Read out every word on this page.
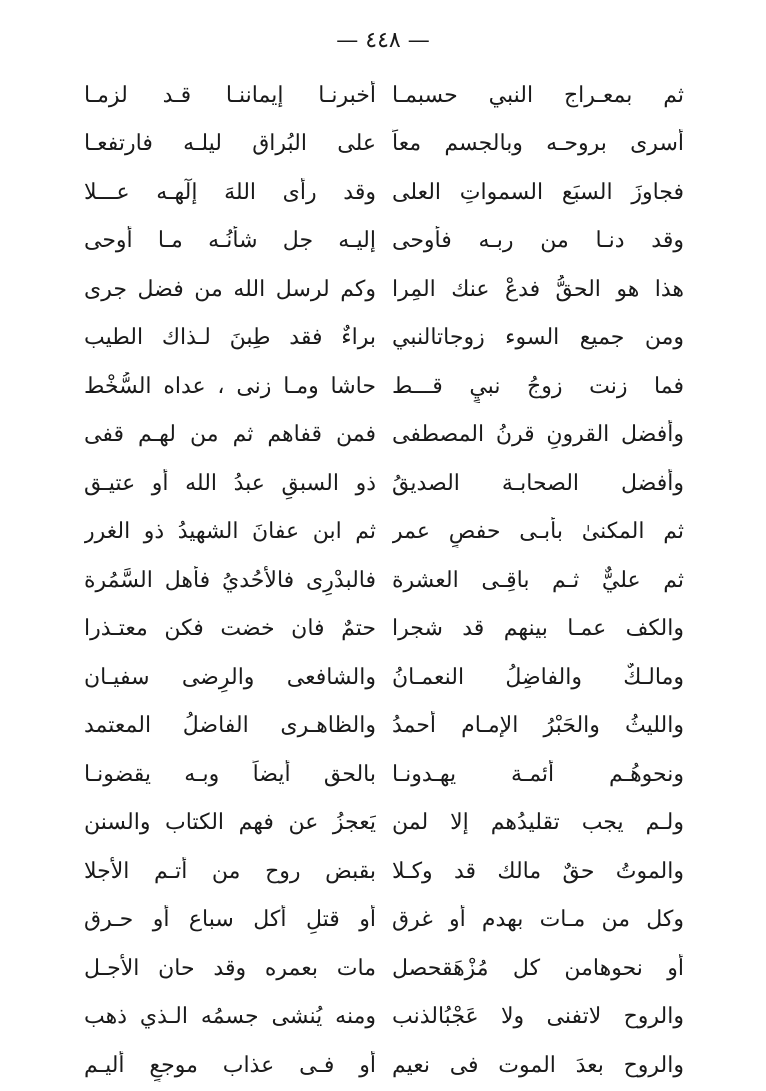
— ٤٤٨ —
ثم بمعـراج النبي حسبمـا
أخبرنـا إيماننـا قـد لزمـا
أسرى بروحـه وبالجسم معاً
على البُراق ليلـه فارتفعـا
فجاوزَ السبَع السمواتِ العلى
وقد رأى اللهَ إلٓهـه عـــلا
وقد دنـا من ربـه فأَوحى
إليـه جل شأنُـه مـا أوحى
هذا هو الحقُّ فدعْ عنك المِرا
وكم لرسل الله من فضل جرى
ومن جميع السوء زوجاتالنبي
براءٌ فقد طِبنَ لـذاك الطيب
فما زنت زوجُ نبيٍ قـــط
حاشا ومـا زنى ، عداه السُّخْط
وأفضل القرونِ قرنُ المصطفى
فمن قفاهم ثم من لهـم قفى
وأفضل الصحابـة الصديقُ
ذو السبقِ عبدُ الله أو عتيـق
ثم المكنىٰ بأَبـى حفصٍ عمر
ثم ابن عفانَ الشهيدُ ذو الغرر
ثم عليٌّ ثـم باقِـى العشرة
فالبدْرِى فالأُحُديُ فأَهل السَّمُرة
والكف عمـا بينهم قد شجرا
حتمٌ فان خضت فكن معتـذرا
ومالـكٌ والفاضِلُ النعمـانُ
والشافعى والرِضى سفيـان
والليثُ والحَبْرُ الإمـام أحمدُ
والظاهـرى الفاضلُ المعتمد
ونحوهُـم أئمـة يهـدونـا
بالحق أيضاً وبـه يقضونـا
ولـم يجب تقليدُهم إلا لمن
يَعجزُ عن فهم الكتاب والسنن
والموتُ حقٌ مالك قد وكـلا
بقبض روح من أتـم الأَجلا
وكل من مـات بهدم أو غرق
أو قتلِ أكل سباع أو حـرق
أَو نحوهامن كل مُزْهَقحصل
مات بعمره وقد حان الأَجـل
والروح لاتفنى ولا عَجْبُالذنب
ومنه يُنشى جسمُه الـذي ذهب
والروح بعدَ الموت فى نعيم
أو فـى عذاب موجعٍ أليـم
